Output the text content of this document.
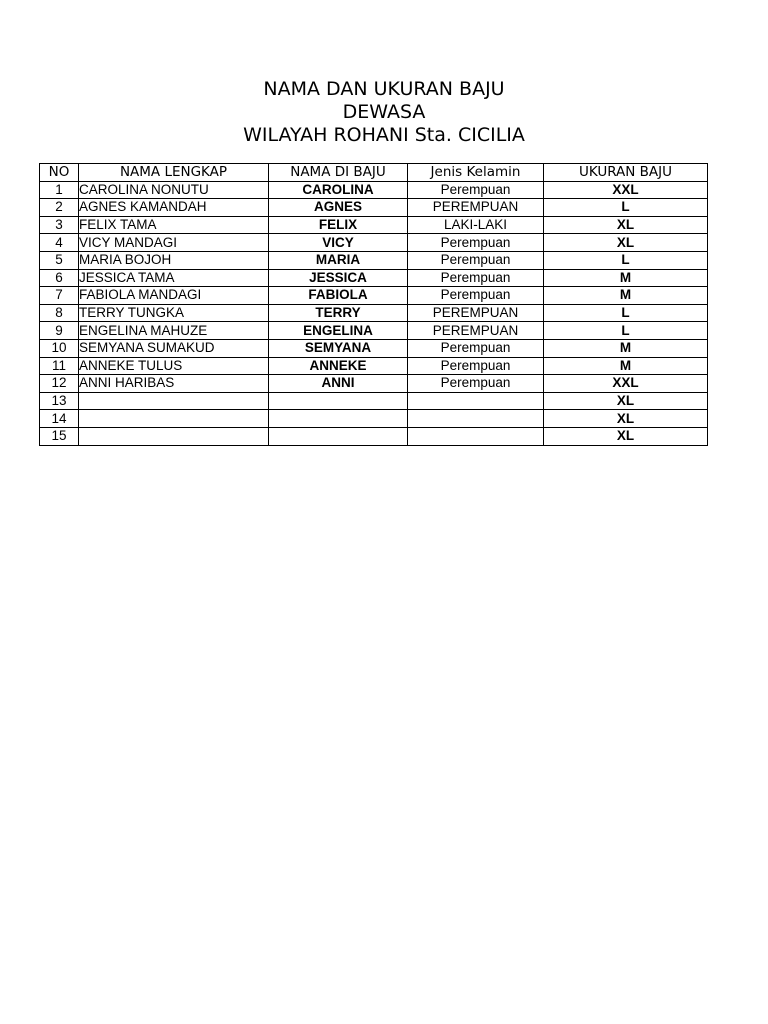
NAMA DAN UKURAN BAJU
DEWASA
WILAYAH ROHANI Sta. CICILIA
NO	NAMA LENGKAP	NAMA DI BAJU	Jenis Kelamin	UKURAN BAJU
1	CAROLINA NONUTU	CAROLINA	Perempuan	XXL
2	AGNES KAMANDAH	AGNES	PEREMPUAN	L
3	FELIX TAMA	FELIX	LAKI-LAKI	XL
4	VICY MANDAGI	VICY	Perempuan	XL
5	MARIA BOJOH	MARIA	Perempuan	L
6	JESSICA TAMA	JESSICA	Perempuan	M
7	FABIOLA MANDAGI	FABIOLA	Perempuan	M
8	TERRY TUNGKA	TERRY	PEREMPUAN	L
9	ENGELINA MAHUZE	ENGELINA	PEREMPUAN	L
10	SEMYANA SUMAKUD	SEMYANA	Perempuan	M
11	ANNEKE TULUS	ANNEKE	Perempuan	M
12	ANNI HARIBAS	ANNI	Perempuan	XXL
13				XL
14				XL
15				XL
